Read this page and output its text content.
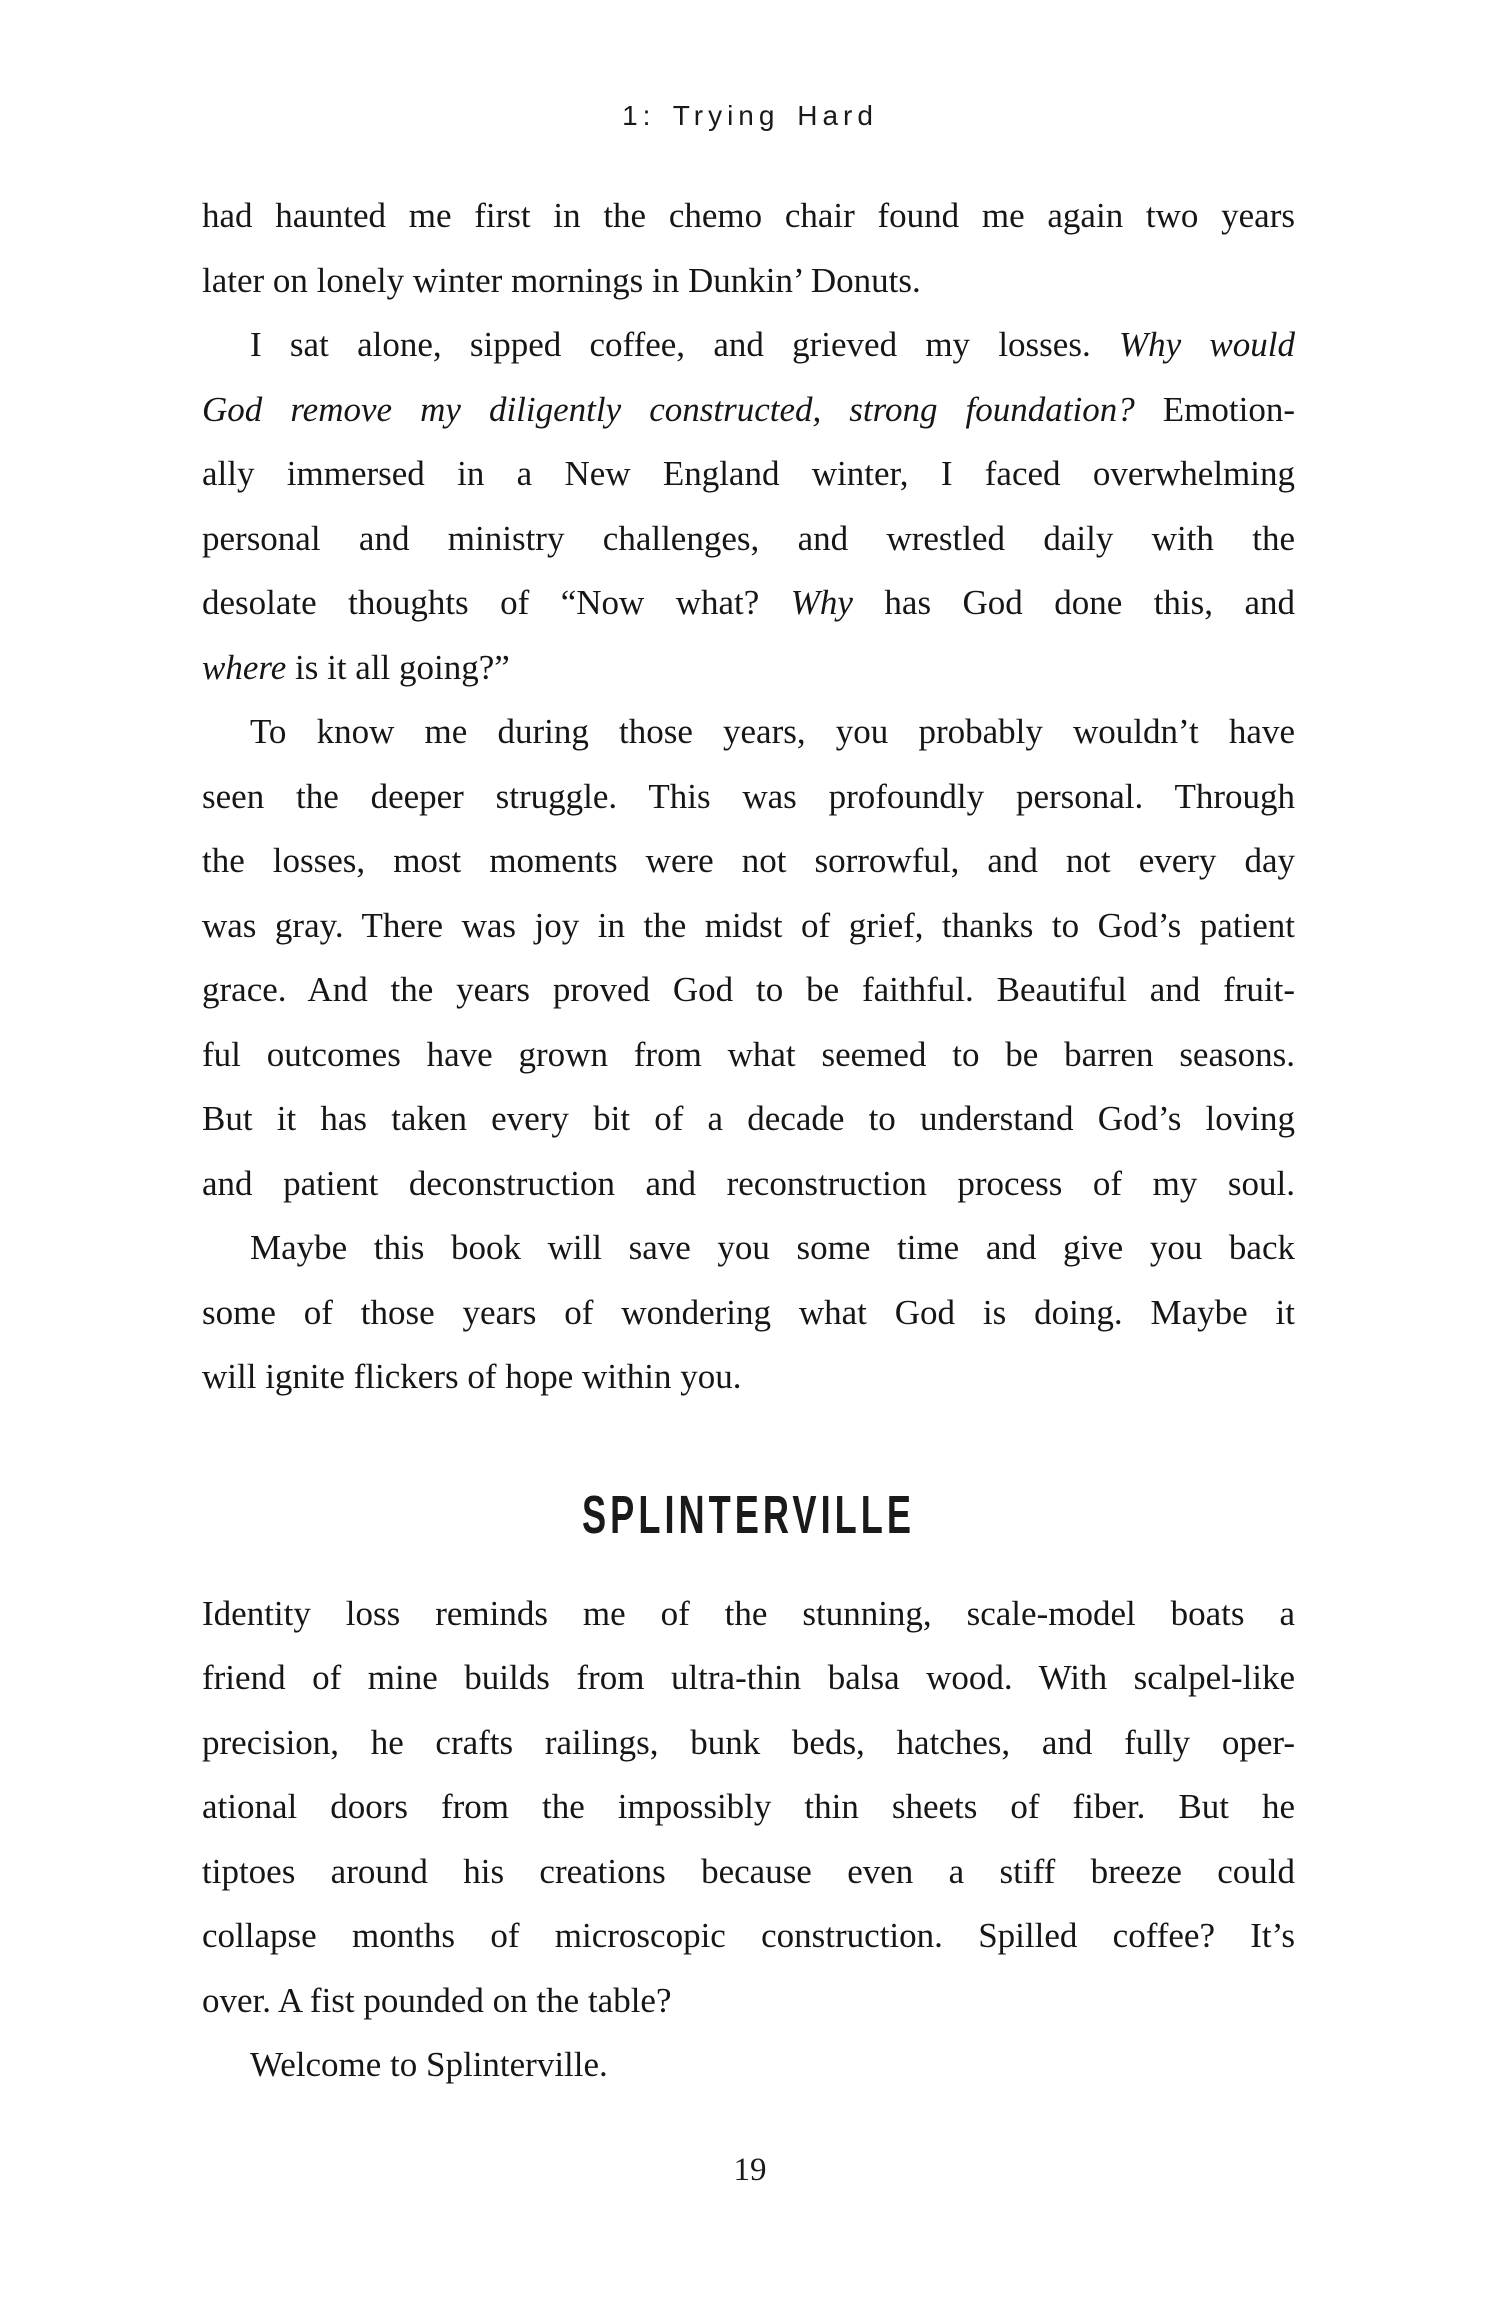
1: Trying Hard
had haunted me first in the chemo chair found me again two years
later on lonely winter mornings in Dunkin’ Donuts.
I sat alone, sipped coffee, and grieved my losses. Why would
God remove my diligently constructed, strong foundation? Emotion-
ally immersed in a New England winter, I faced overwhelming
personal and ministry challenges, and wrestled daily with the
desolate thoughts of “Now what? Why has God done this, and
where is it all going?”
To know me during those years, you probably wouldn’t have
seen the deeper struggle. This was profoundly personal. Through
the losses, most moments were not sorrowful, and not every day
was gray. There was joy in the midst of grief, thanks to God’s patient
grace. And the years proved God to be faithful. Beautiful and fruit-
ful outcomes have grown from what seemed to be barren seasons.
But it has taken every bit of a decade to understand God’s loving
and patient deconstruction and reconstruction process of my soul.
Maybe this book will save you some time and give you back
some of those years of wondering what God is doing. Maybe it
will ignite flickers of hope within you.
SPLINTERVILLE
Identity loss reminds me of the stunning, scale-model boats a
friend of mine builds from ultra-thin balsa wood. With scalpel-like
precision, he crafts railings, bunk beds, hatches, and fully oper-
ational doors from the impossibly thin sheets of fiber. But he
tiptoes around his creations because even a stiff breeze could
collapse months of microscopic construction. Spilled coffee? It’s
over. A fist pounded on the table?
Welcome to Splinterville.
19
